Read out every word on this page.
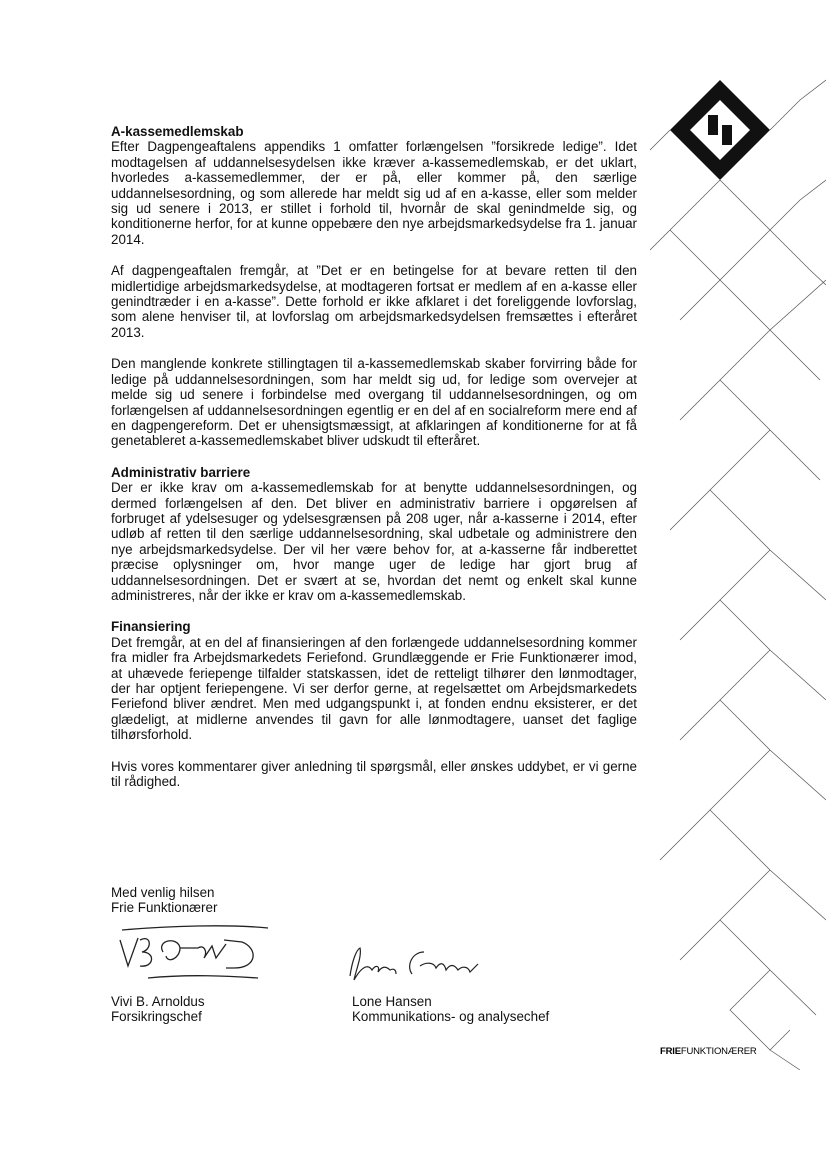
A-kassemedlemskab

Efter Dagpengeaftalens appendiks 1 omfatter forlængelsen ”forsikrede ledige”. Idet modtagelsen af uddannelsesydelsen ikke kræver a-kassemedlemskab, er det uklart, hvorledes a-kassemedlemmer, der er på, eller kommer på, den særlige uddannelsesordning, og som allerede har meldt sig ud af en a-kasse, eller som melder sig ud senere i 2013, er stillet i forhold til, hvornår de skal genindmelde sig, og konditionerne herfor, for at kunne oppebære den nye arbejdsmarkedsydelse fra 1. januar 2014.

Af dagpengeaftalen fremgår, at ”Det er en betingelse for at bevare retten til den midlertidige arbejdsmarkedsydelse, at modtageren fortsat er medlem af en a-kasse eller genindtræder i en a-kasse”. Dette forhold er ikke afklaret i det foreliggende lovforslag, som alene henviser til, at lovforslag om arbejdsmarkedsydelsen fremsættes i efteråret 2013.

Den manglende konkrete stillingtagen til a-kassemedlemskab skaber forvirring både for ledige på uddannelsesordningen, som har meldt sig ud, for ledige som overvejer at melde sig ud senere i forbindelse med overgang til uddannelsesordningen, og om forlængelsen af uddannelsesordningen egentlig er en del af en socialreform mere end af en dagpengereform. Det er uhensigtsmæssigt, at afklaringen af konditionerne for at få genetableret a-kassemedlemskabet bliver udskudt til efteråret.

Administrativ barriere

Der er ikke krav om a-kassemedlemskab for at benytte uddannelsesordningen, og dermed forlængelsen af den. Det bliver en administrativ barriere i opgørelsen af forbruget af ydelsesuger og ydelsesgrænsen på 208 uger, når a-kasserne i 2014, efter udløb af retten til den særlige uddannelsesordning, skal udbetale og administrere den nye arbejdsmarkedsydelse. Der vil her være behov for, at a-kasserne får indberettet præcise oplysninger om, hvor mange uger de ledige har gjort brug af uddannelsesordningen. Det er svært at se, hvordan det nemt og enkelt skal kunne administreres, når der ikke er krav om a-kassemedlemskab.

Finansiering

Det fremgår, at en del af finansieringen af den forlængede uddannelsesordning kommer fra midler fra Arbejdsmarkedets Feriefond. Grundlæggende er Frie Funktionærer imod, at uhævede feriepenge tilfalder statskassen, idet de retteligt tilhører den lønmodtager, der har optjent feriepengene. Vi ser derfor gerne, at regelsættet om Arbejdsmarkedets Feriefond bliver ændret. Men med udgangspunkt i, at fonden endnu eksisterer, er det glædeligt, at midlerne anvendes til gavn for alle lønmodtagere, uanset det faglige tilhørsforhold.

Hvis vores kommentarer giver anledning til spørgsmål, eller ønskes uddybet, er vi gerne til rådighed.

Med venlig hilsen
Frie Funktionærer
Vivi B. Arnoldus
Forsikringschef
Lone Hansen
Kommunikations- og analysechef
FRIEFUNKTIONÆRER
